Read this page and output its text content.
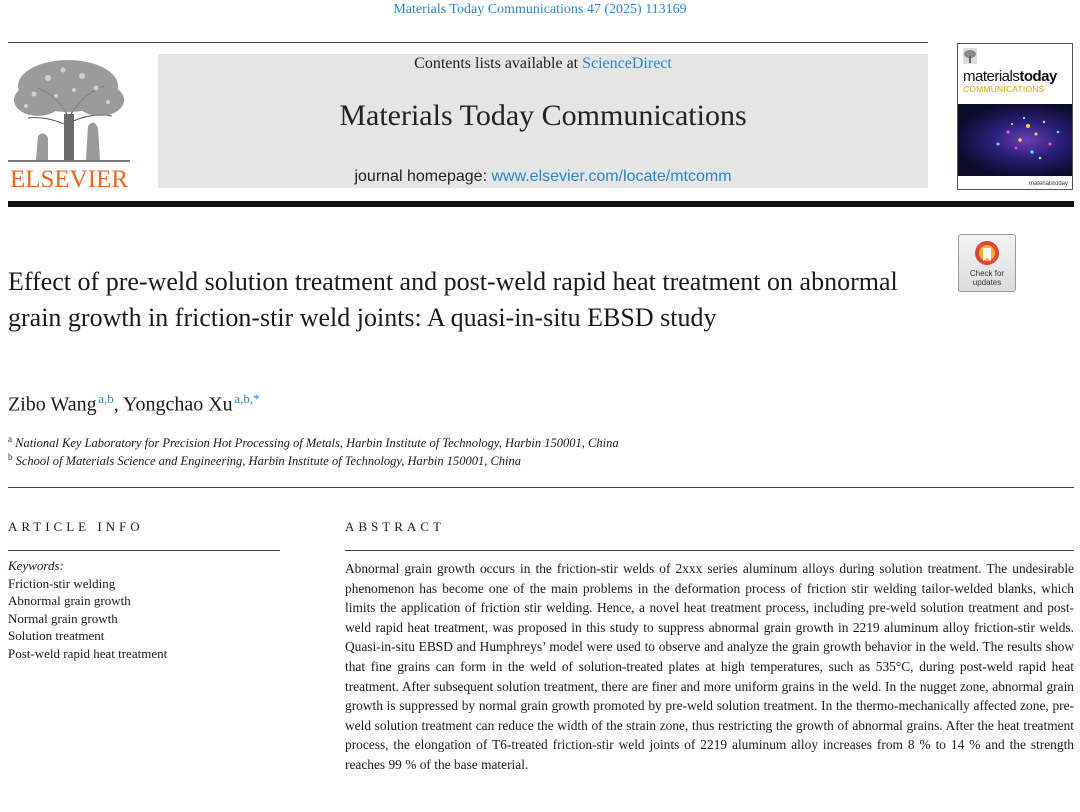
Materials Today Communications 47 (2025) 113169
ELSEVIER
Contents lists available at ScienceDirect
Materials Today Communications
journal homepage: www.elsevier.com/locate/mtcomm
materialstoday
COMMUNICATIONS
materialstoday
Check for
updates
Effect of pre-weld solution treatment and post-weld rapid heat treatment on abnormal grain growth in friction-stir weld joints: A quasi-in-situ EBSD study
Zibo Wang  $^{a,b}$, Yongchao Xu  $^{a,b,*}$
$^a$ National Key Laboratory for Precision Hot Processing of Metals, Harbin Institute of Technology, Harbin 150001, China
$^b$ School of Materials Science and Engineering, Harbin Institute of Technology, Harbin 150001, China
ARTICLE INFO	ABSTRACT
Keywords:
Friction-stir welding
Abnormal grain growth
Normal grain growth
Solution treatment
Post-weld rapid heat treatment

Abnormal grain growth occurs in the friction-stir welds of 2xxx series aluminum alloys during solution treatment. The undesirable phenomenon has become one of the main problems in the deformation process of friction stir welding tailor-welded blanks, which limits the application of friction stir welding. Hence, a novel heat treatment process, including pre-weld solution treatment and post-weld rapid heat treatment, was proposed in this study to suppress abnormal grain growth in 2219 aluminum alloy friction-stir welds. Quasi-in-situ EBSD and Humphreys’ model were used to observe and analyze the grain growth behavior in the weld. The results show that fine grains can form in the weld of solution-treated plates at high temperatures, such as 535°C, during post-weld rapid heat treatment. After subsequent solution treatment, there are finer and more uniform grains in the weld. In the nugget zone, abnormal grain growth is suppressed by normal grain growth promoted by pre-weld solution treatment. In the thermo-mechanically affected zone, pre-weld solution treatment can reduce the width of the strain zone, thus restricting the growth of abnormal grains. After the heat treatment process, the elongation of T6-treated friction-stir weld joints of 2219 aluminum alloy increases from 8 % to 14 % and the strength reaches 99 % of the base material.
